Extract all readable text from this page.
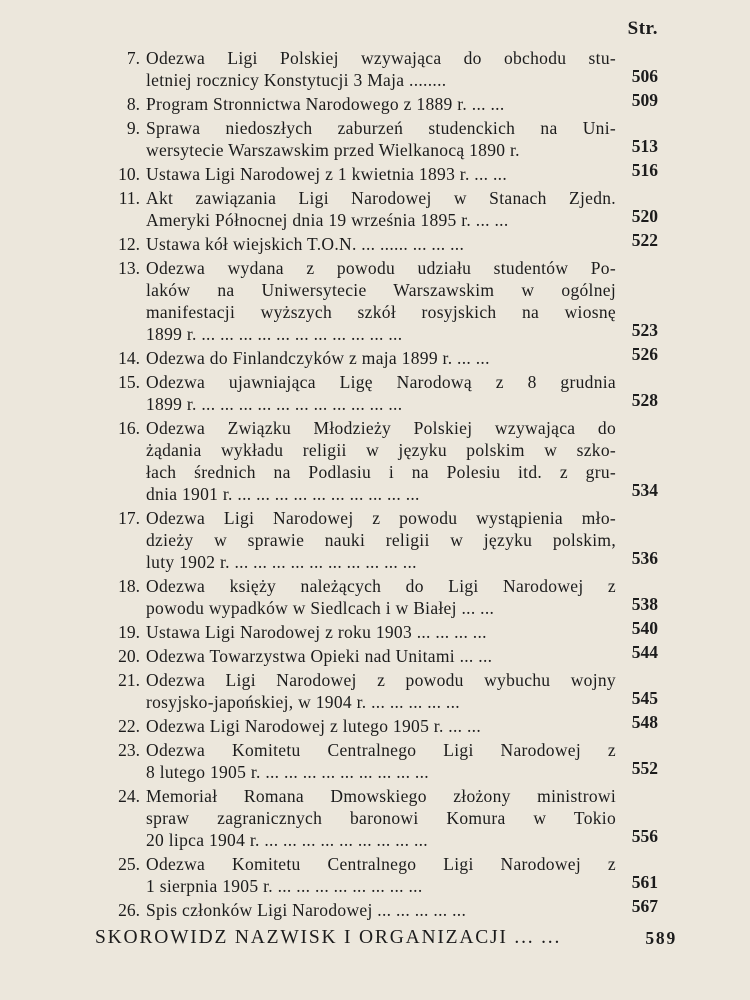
Str.
7. Odezwa Ligi Polskiej wzywająca do obchodu stu-
letniej rocznicy Konstytucji 3 Maja ........	506
8. Program Stronnictwa Narodowego z 1889 r. ... ...	509
9. Sprawa niedoszłych zaburzeń studenckich na Uni-
wersytecie Warszawskim przed Wielkanocą 1890 r.	513
10. Ustawa Ligi Narodowej z 1 kwietnia 1893 r. ... ...	516
11. Akt zawiązania Ligi Narodowej w Stanach Zjedn.
Ameryki Północnej dnia 19 września 1895 r. ... ...	520
12. Ustawa kół wiejskich T.O.N. ... ...... ... ... ...	522
13. Odezwa wydana z powodu udziału studentów Po-
laków na Uniwersytecie Warszawskim w ogólnej
manifestacji wyższych szkół rosyjskich na wiosnę
1899 r. ... ... ... ... ... ... ... ... ... ... ...	523
14. Odezwa do Finlandczyków z maja 1899 r. ... ...	526
15. Odezwa ujawniająca Ligę Narodową z 8 grudnia
1899 r. ... ... ... ... ... ... ... ... ... ... ...	528
16. Odezwa Związku Młodzieży Polskiej wzywająca do
żądania wykładu religii w języku polskim w szko-
łach średnich na Podlasiu i na Polesiu itd. z gru-
dnia 1901 r. ... ... ... ... ... ... ... ... ... ...	534
17. Odezwa Ligi Narodowej z powodu wystąpienia mło-
dzieży w sprawie nauki religii w języku polskim,
luty 1902 r. ... ... ... ... ... ... ... ... ... ...	536
18. Odezwa księży należących do Ligi Narodowej z
powodu wypadków w Siedlcach i w Białej ... ...	538
19. Ustawa Ligi Narodowej z roku 1903 ... ... ... ...	540
20. Odezwa Towarzystwa Opieki nad Unitami ... ...	544
21. Odezwa Ligi Narodowej z powodu wybuchu wojny
rosyjsko-japońskiej, w 1904 r. ... ... ... ... ...	545
22. Odezwa Ligi Narodowej z lutego 1905 r. ... ...	548
23. Odezwa Komitetu Centralnego Ligi Narodowej z
8 lutego 1905 r. ... ... ... ... ... ... ... ... ...	552
24. Memoriał Romana Dmowskiego złożony ministrowi
spraw zagranicznych baronowi Komura w Tokio
20 lipca 1904 r. ... ... ... ... ... ... ... ... ...	556
25. Odezwa Komitetu Centralnego Ligi Narodowej z
1 sierpnia 1905 r. ... ... ... ... ... ... ... ...	561
26. Spis członków Ligi Narodowej ... ... ... ... ...	567
SKOROWIDZ NAZWISK I ORGANIZACJI ... ...	589
